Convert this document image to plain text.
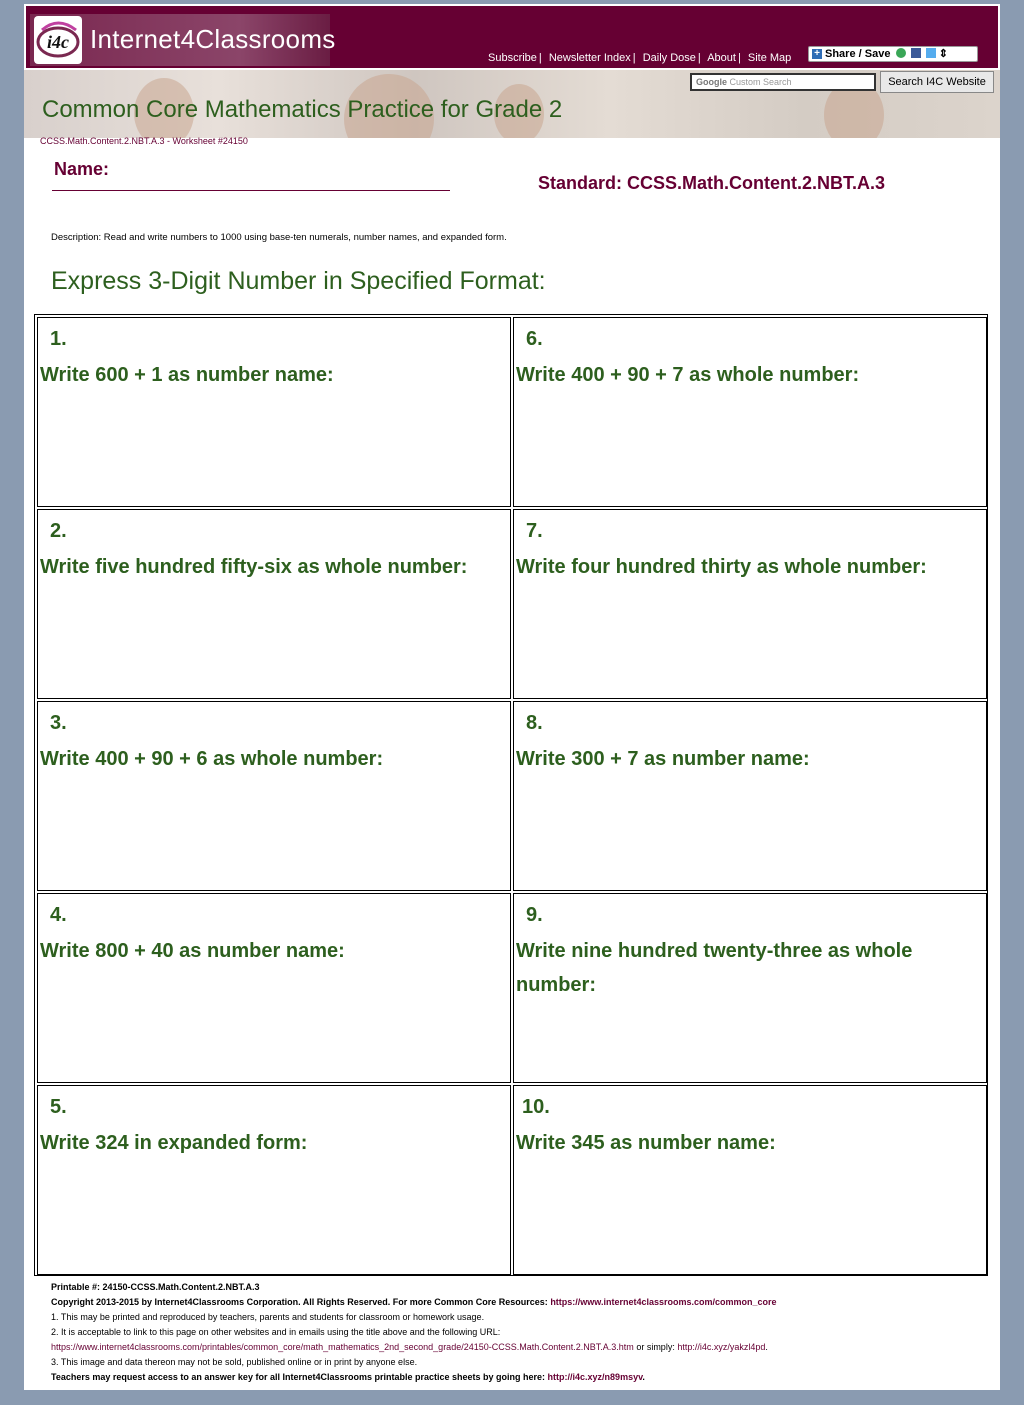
i4c Internet4Classrooms
Subscribe | Newsletter Index | Daily Dose | About | Site Map + Share / Save	⇕
Google Custom Search	Search I4C Website
Common Core Mathematics Practice for Grade 2
CCSS.Math.Content.2.NBT.A.3 - Worksheet #24150
Name:
Standard: CCSS.Math.Content.2.NBT.A.3
Description: Read and write numbers to 1000 using base-ten numerals, number names, and expanded form.
Express 3-Digit Number in Specified Format:
1.
Write 600 + 1 as number name:
2.
Write five hundred fifty-six as whole number:
3.
Write 400 + 90 + 6 as whole number:
4.
Write 800 + 40 as number name:
5.
Write 324 in expanded form:
6.
Write 400 + 90 + 7 as whole number:
7.
Write four hundred thirty as whole number:
8.
Write 300 + 7 as number name:
9.
Write nine hundred twenty-three as whole number:
10.
Write 345 as number name:
Printable #: 24150-CCSS.Math.Content.2.NBT.A.3
Copyright 2013-2015 by Internet4Classrooms Corporation. All Rights Reserved. For more Common Core Resources: https://www.internet4classrooms.com/common_core
1. This may be printed and reproduced by teachers, parents and students for classroom or homework usage.
2. It is acceptable to link to this page on other websites and in emails using the title above and the following URL:
https://www.internet4classrooms.com/printables/common_core/math_mathematics_2nd_second_grade/24150-CCSS.Math.Content.2.NBT.A.3.htm or simply: http://i4c.xyz/yakzl4pd.
3. This image and data thereon may not be sold, published online or in print by anyone else.
Teachers may request access to an answer key for all Internet4Classrooms printable practice sheets by going here: http://i4c.xyz/n89msyv.
